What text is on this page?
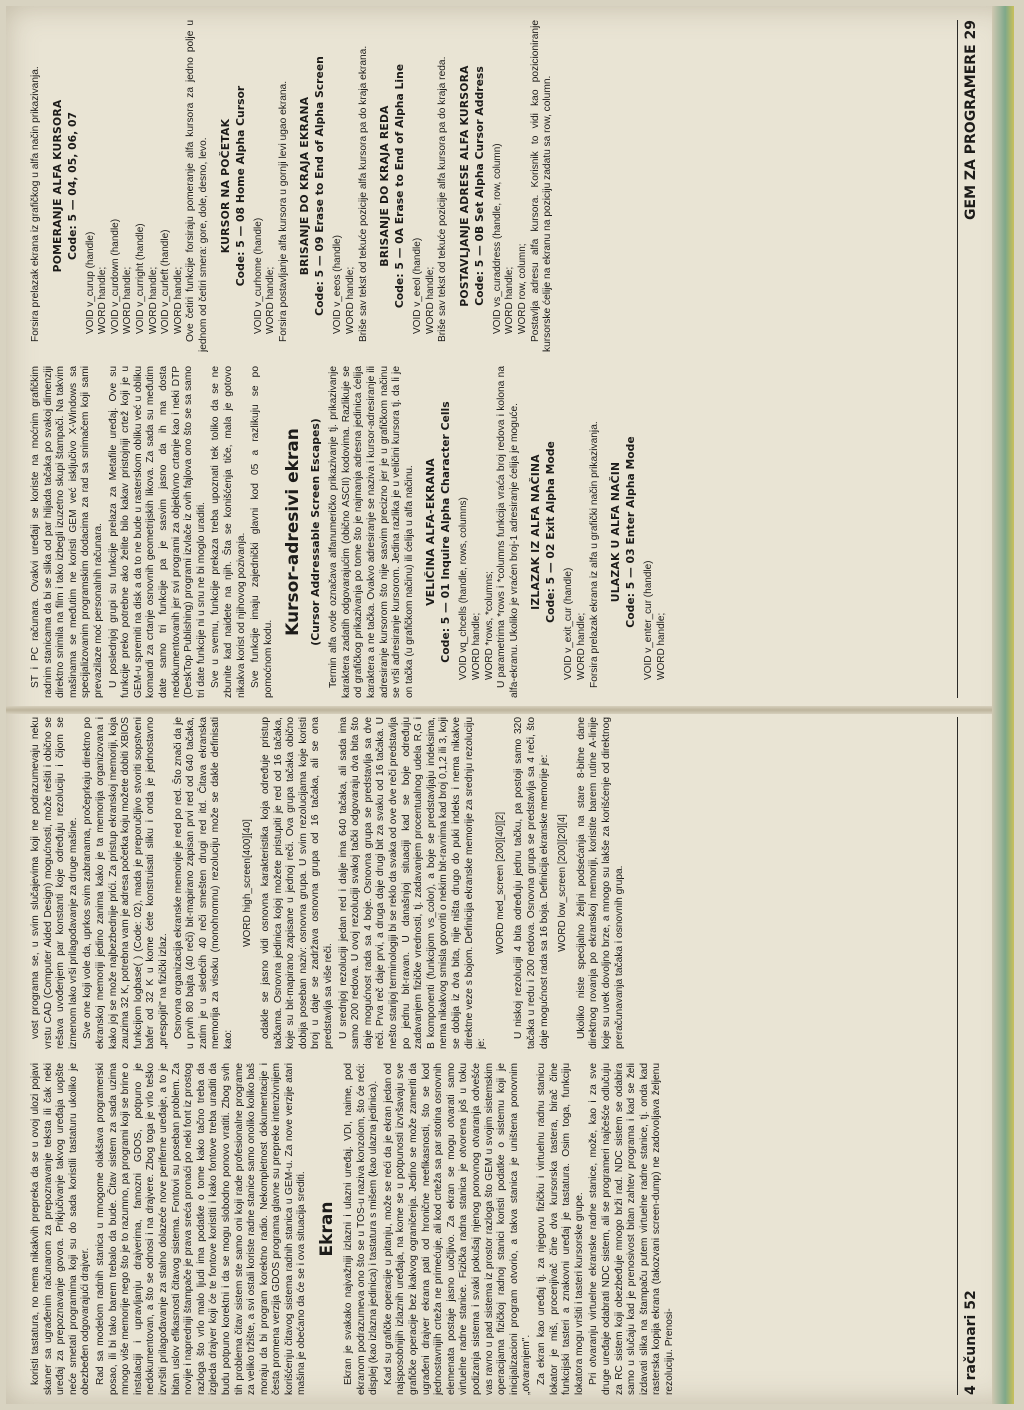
koristi tastatura, no nema nikakvih prepreka da se u ovoj ulozi pojavi skaner sa ugrađenim računarom za prepoznavanje teksta ili čak neki uređaj za prepoznavanje govora. Prikjučivanje takvog uređaja uopšte neće smetati programima koji su do sada koristili tastaturu ukoliko je obezbeđen odgovarajući drajver. Rad sa modelom radnih stanica u mnogome olakšava programerski posao, ili bi tako barem trebalo da bude. Čitav sistem za sada uzima mnogo više memorije nego što je to razumno, pa programi koji se brine o instalaciji i upravljanju drajverima, famozni GDOS, potpuno je nedokumentovan, a što se odnosi i na drajvere. Zbog toga je vrlo teško izvršiti prilagođavanje za stalno dolazeće nove periferne uređaje, a to je bitan uslov efikasnosti čitavog sistema. Fontovi su poseban problem. Za novije i napredniji štampače je prava sreća pronaći po neki font iz prostog razloga što vrlo malo ljudi ima podatke o tome kako tačno treba da izgleda drajver koji će te fontove koristiti i kako fontove treba uraditi da budu potpuno korektni i da se mogu slobodno ponovo vratiti. Zbog svih tih problema čitav sistem ste samo oni koji rade profesionalne programe za veliko tržište, a svi ostali koriste radne stanice samo onoliko koliko baš moraju da bi program korektno radio. Nekompletnost dokumentacije i česta promena verzija GDOS programa glavne su prepreke intenzivnijem korišćenju čitavog sistema radnih stanica u GEM-u. Za nove verzije atari mašina je obećano da će se i ova situacija srediti. Ekran Ekran je svakako najvažniji izlazni i ulazni uređaj. VDI, naime, pod ekranom podrazumeva ono što se u TOS-u naziva konzolom, što će reći: displej (kao izlazna jedinica) i tastatura s mišem (kao ulazna jedinica). Kad su grafičke operacije u pitanju, može se reći da je ekran jedan od najsposobnijih izlaznih uređaja, na kome se u potpunosti izvršavaju sve grafičke operacije bez ikakvog ograničenja. Jedino se može zameriti da ugrađeni drajver ekrana pati od hronične neefikasnosti, što se kod jednostavnijih crteža ne primećuje, ali kod crteža sa par stotina osnovnih elemenata postaje jasno uočljivo. Za ekran se mogu otvarati samo virtuelne radne stanice. Fizička radna stanica je otvorena još u toku podizanja sistema i svaki pokušaj njenog ponovnog otvaranja odvešće vas ravno u pad sistema iz prostor razloga što GEM u svojim sistemskim operacijama fizičkoj radnoj stanici koristi podatke o sistemu koji je inicijalizacioni program otvorio, a takva stanica je uništena ponovnim „otvaranjem". Za ekran kao uređaj tj. za njegovu fizičku i virtuelnu radnu stanicu lokator je miš, procenjivač čine dva kursorska tastera, birač čine funkcijski tasteri a znakovni uređaj je tastatura. Osim toga, funkciju lokatora mogu vršiti i tasteri kursorske grupe. Pri otvaranju virtuelne ekranske radne stanice, može, kao i za sve druge uređaje odabrati NDC sistem, ali se programeri najčešće odlučuju za RC sistem koji obezbeđuje mnogo brži rad. NDC sistem se odabira samo u slučaju kad je prenosivost bitan zahtev programa i kad se želi izdavati slika na štampaču putem virtuelne radne stanice, tj. onda kad rasterska kopija ekrana (takozvani screen-dump) ne zadovoljava željenu rezoluciju. Prenosi-

vost programa se, u svim slučajevima koji ne podrazumevaju neku vrstu CAD (Computer Aided Design) mogućnosti, može rešiti i obično se rešava uvođenjem par konstanti koje određuju rezoluciju i čijom se izmenom lako vrši prilagođavanje za druge mašine. Sve one koji vole da, uprkos svim zabranama, pročeprkaju direktno po ekranskoj memoriji jedino zanima kako je ta memorija organizovana i kako joj se može najbezbednije prići. Za pristup ekranskoj memoriji, koja zauzima 32 K, potrebna vam je adresa početka koju možete dobiti XBIOS funkcijom logbase( ) (Code: 02), mada je preporučljivo stvoriti sopstveni bafer od 32 K u kome ćete konstruisati sliku i onda je jednostavno „prespojiti" na fizički izlaz. Osnovna organizacija ekranske memorije je red po red. Što znači da je u prvih 80 bajta (40 reči) bit-mapirano zapisan prvi red od 640 tačaka, zatim je u sledećih 40 reči smešten drugi red itd. Čitava ekranska memorija za visoku (monohromnu) rezoluciju može se dakle definisati kao:

WORD high_screen[400][40] odakle se jasno vidi osnovna karakteristika koja određuje pristup tačkama. Osnovna jedinica kojoj možete pristupiti je red od 16 tačaka, koje su bit-mapirano zapisane u jednoj reči. Ova grupa tačaka obično dobija poseban naziv: osnovna grupa. U svim rezolucijama koje koristi broj u daje se zadržava osnovna grupa od 16 tačaka, ali se ona predstavlja sa više reči. U srednjoj rezoluciji jedan red i dalje ima 640 tačaka, ali sada ima samo 200 redova. U ovoj rezoluciji svakoj tački odgovaraju dva bita što daje mogućnost rada sa 4 boje. Osnovna grupa se predstavlja sa dve reči. Prva reč daje prvi, a druga daje drugi bit za svaku od 16 tačaka. U nešto starijoj terminologiji bi se reklo da svaka od ove dve reči predstavlja po jednu bit-ravan. U današnjoj situaciji kad se boje određuju zadavanjem fizičke vrednosti, tj. zadavanjem procentualnog udela R,G i B komponenti (funkcijom vs_color), a boje se predstavljaju indeksima, nema nikakvog smisla govoriti o nekim bit-ravnima kad broj 0,1,2 ili 3, koji se dobija iz dva bita, nije ništa drugo do puki indeks i nema nikakve direktne veze s bojom. Definicija ekranske memorije za srednju rezoluciju je:

WORD med_screen [200][40][2] U niskoj rezoluciji 4 bita određuju jednu tačku, pa postoji samo 320 tačaka u redu i 200 redova. Osnovna grupa se predstavlja sa 4 reči, što daje mogućnost rada sa 16 boja. Definicija ekranske memorije je: WORD low_screen [200][20][4] Ukoliko niste specijalno željni podsećanja na stare 8-bitne dane direktnog rovanja po ekranskoj memoriji, koristite barem rutine A-linije koje su uvek dovoljno brze, a mnogo su lakše za korišćenje od direktnog preračunavanja tačaka i osnovnih grupa.

4 računari 52

ST i PC računara. Ovakvi uređaji se koriste na moćnim grafičkim radnim stanicama da bi se slika od par hiljada tačaka po svakoj dimenziji direktno snimila na film i tako izbegli izuzetno skupi štampači. Na takvim mašinama se međutim ne koristi GEM već isključivo X-Windows sa specijalizovanim programskim dodacima za rad sa snimačem koji sami prevazilaze moć personalnih računara. U poslednjoj grupi su funkcije prelaza za Metafile uređaj. Ove su funkcije preko potrebne ako želite bilo kakav pristojniji crtež koji je u GEM-u spremiti na disk a da to ne bude u rasterskom obliku već u obliku komandi za crtanje osnovnih geometrijskih likova. Za sada su međutim date samo tri funkcije pa je sasvim jasno da ih ma dosta nedokumentovanih jer svi programi za objektivno crtanje kao i neki DTP (DeskTop Publishing) programi izvlače iz ovih fajlova ono što se sa samo tri date funkcije ni u snu ne bi moglo uraditi. Sve u svemu, funkcije prekaza treba upoznati tek toliko da se ne zbunite kad naiđete na njih. Šta se konišćenja tiče, mala je gotovo nikakva korist od njihovog pozivanja. Sve funkcije imaju zajednički glavni kod 05 a razlikuju se po pomoćnom kodu.

Kursor-adresivi ekran (Cursor Addressable Screen Escapes) Termin alfa ovde označava alfanumeričko prikazivanje tj. prikazivanje karaktera zadatih odgovarajućim (obično ASCII) kodovima. Razlikuje se od grafičkog prikazivanja po tome što je najmanja adresna jedinica ćelija karaktera a ne tačka. Ovakvo adresiranje se naziva i kursor-adresiranje ili adresiranje kursorom što nije sasvim precizno jer je u grafičkom načinu se vrši adresiranje kursorom. Jedina razlika je u veličini kursora tj. da li je on tačka (u grafičkom načinu) ili ćelija u alfa načinu. VELIČINA ALFA-EKRANA Code: 5 — 01 Inquire Alpha Character Cells VOID vq_chcells (handle, rows, columns) WORD handle; WORD *rows, *columns; U parametrima *rows i *columns funkcija vraća broj redova i kolona na alfa-ekranu. Ukoliko je vraćen broj-1 adresiranje ćelija je moguće. IZLAZAK IZ ALFA NAČINA Code: 5 — 02 Exit Alpha Mode
VOID v_exit_cur (handle) WORD handle; Forsira prelazak ekrana iz alfa u grafički način prikazivanja. ULAZAK U ALFA NAČIN Code: 5 — 03 Enter Alpha Mode VOID v_enter_cur (handle) WORD handle;

Forsira prelazak ekrana iz grafičkog u alfa način prikazivanja. POMERANJE ALFA KURSORA Code: 5 — 04, 05, 06, 07
VOID v_curup (handle) WORD handle; VOID v_curdown (handle) WORD handle; VOID v_curright (handle) WORD handle; VOID v_curleft (handle) WORD handle; Ove četiri funkcije forsiraju pomeranje alfa kursora za jedno polje u jednom od četiri smera: gore, dole, desno, levo. KURSOR NA POČETAK Code: 5 — 08 Home Alpha Cursor VOID v_curhome (handle) WORD handle; Forsira postavljanje alfa kursora u gornji levi ugao ekrana. BRISANJE DO KRAJA EKRANA Code: 5 — 09 Erase to End of Alpha Screen VOID v_eeos (handle) WORD handle; Briše sav tekst od tekuće pozicije alfa kursora pa do kraja ekrana. BRISANJE DO KRAJA REDA Code: 5 — 0A Erase to End of Alpha Line VOID v_eeol (handle) WORD handle; Briše sav tekst od tekuće pozicije alfa kursora pa do kraja reda. POSTAVLJANJE ADRESE ALFA KURSORA Code: 5 — 0B Set Alpha Cursor Address VOID vs_curaddress (handle, row, column) WORD handle; WORD row, column; Postavlja adresu alfa kursora. Korisnik to vidi kao pozicioniranje kursorske ćelije na ekranu na poziciju zadatu sa row, column.	GEM ZA PROGRAMERE 29
